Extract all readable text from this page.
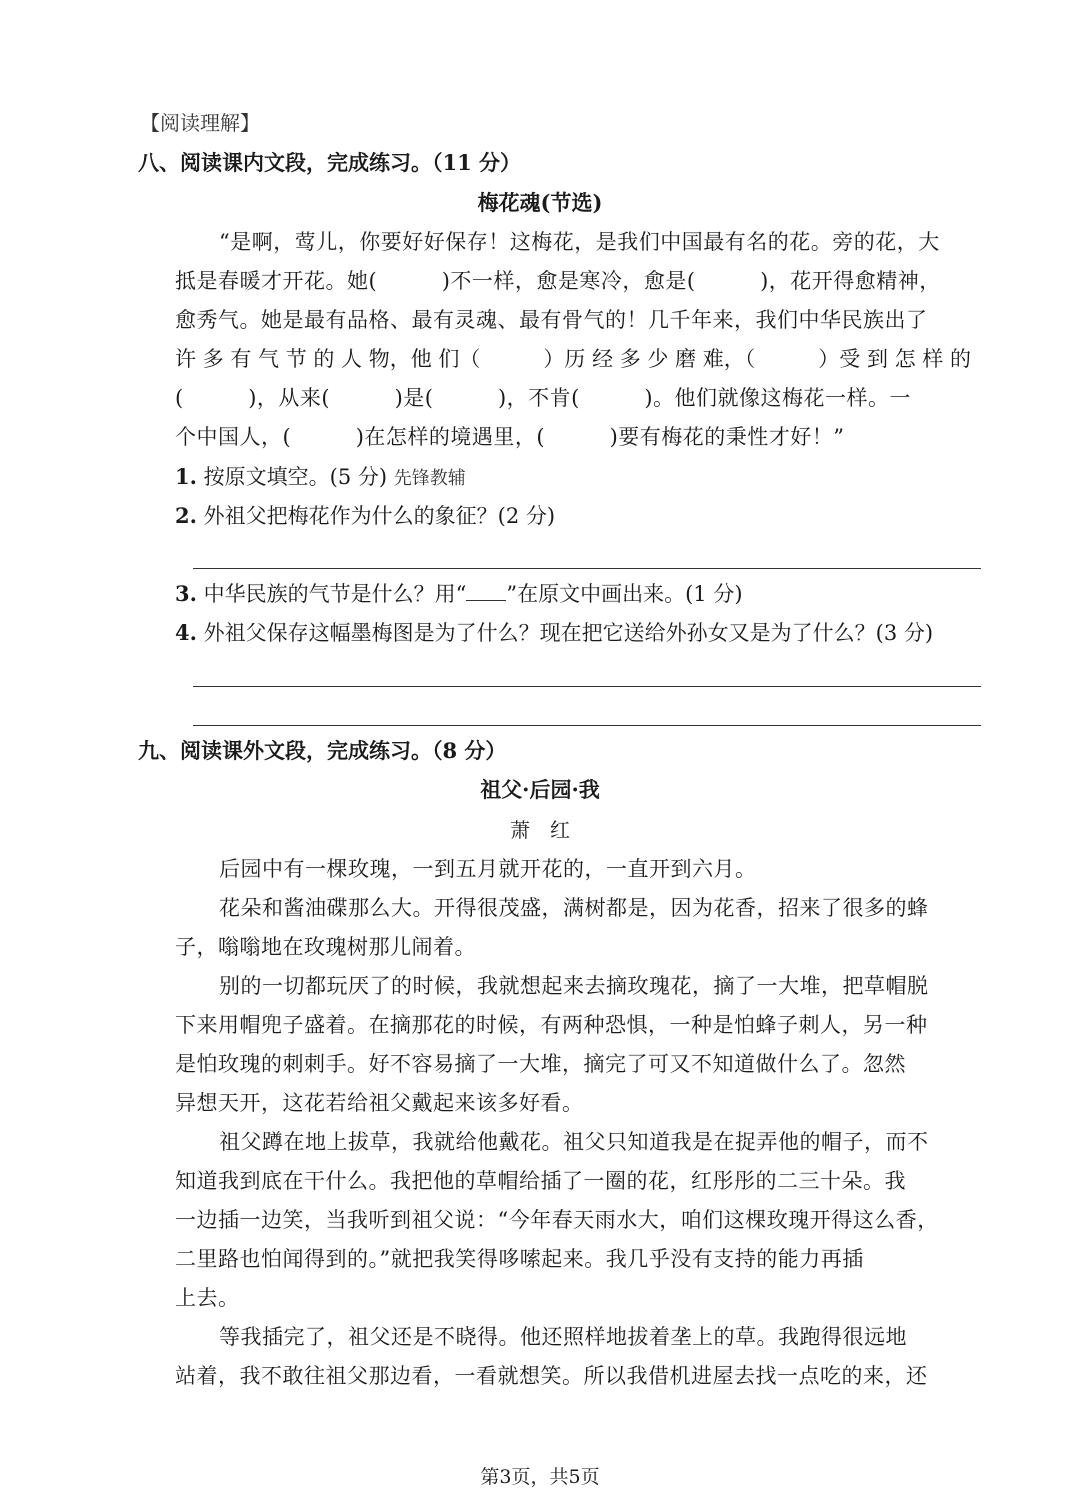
【阅读理解】
八、阅读课内文段，完成练习。（11 分）
梅花魂(节选)
“是啊，莺儿，你要好好保存！这梅花，是我们中国最有名的花。旁的花，大
抵是春暖才开花。她(　　　)不一样，愈是寒冷，愈是(　　　)，花开得愈精神，
愈秀气。她是最有品格、最有灵魂、最有骨气的！几千年来，我们中华民族出了
许 多 有 气 节 的 人 物，他 们（　　　）历 经 多 少 磨 难，（　　　）受 到 怎 样 的
(　　　)，从来(　　　)是(　　　)，不肯(　　　)。他们就像这梅花一样。一
个中国人，(　　　)在怎样的境遇里，(　　　)要有梅花的秉性才好！”
1. 按原文填空。(5 分) 先锋教辅
2. 外祖父把梅花作为什么的象征？(2 分)
3. 中华民族的气节是什么？用“ ”在原文中画出来。(1 分)
4. 外祖父保存这幅墨梅图是为了什么？现在把它送给外孙女又是为了什么？(3 分)
九、阅读课外文段，完成练习。（8 分）
祖父·后园·我
萧　红
后园中有一棵玫瑰，一到五月就开花的，一直开到六月。
花朵和酱油碟那么大。开得很茂盛，满树都是，因为花香，招来了很多的蜂
子，嗡嗡地在玫瑰树那儿闹着。
别的一切都玩厌了的时候，我就想起来去摘玫瑰花，摘了一大堆，把草帽脱
下来用帽兜子盛着。在摘那花的时候，有两种恐惧，一种是怕蜂子刺人，另一种
是怕玫瑰的刺刺手。好不容易摘了一大堆，摘完了可又不知道做什么了。忽然
异想天开，这花若给祖父戴起来该多好看。
祖父蹲在地上拔草，我就给他戴花。祖父只知道我是在捉弄他的帽子，而不
知道我到底在干什么。我把他的草帽给插了一圈的花，红彤彤的二三十朵。我
一边插一边笑，当我听到祖父说：“今年春天雨水大，咱们这棵玫瑰开得这么香，
二里路也怕闻得到的。”就把我笑得哆嗦起来。我几乎没有支持的能力再插
上去。
等我插完了，祖父还是不晓得。他还照样地拔着垄上的草。我跑得很远地
站着，我不敢往祖父那边看，一看就想笑。所以我借机进屋去找一点吃的来，还
第3页，共5页
